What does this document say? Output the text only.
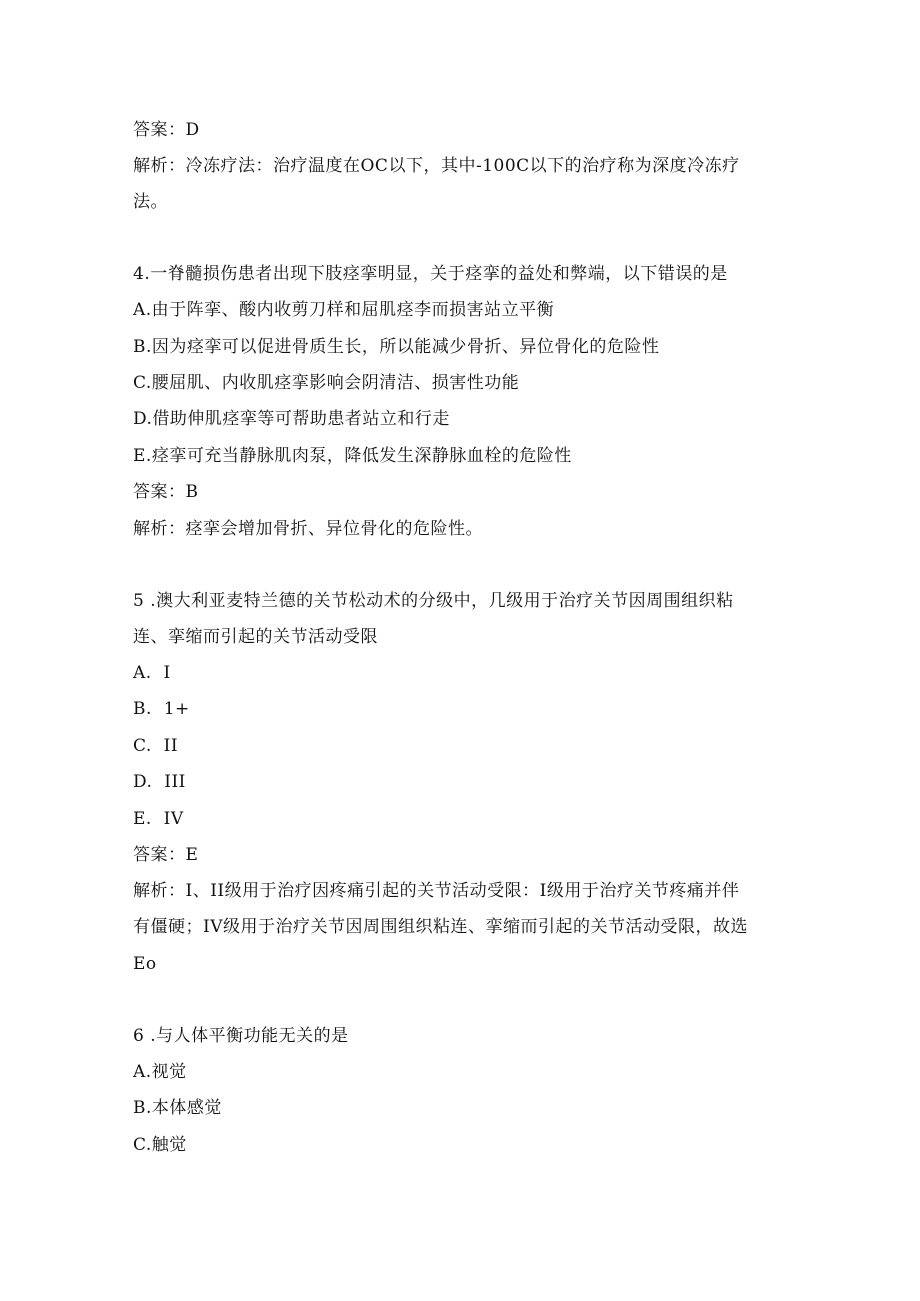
答案：D
解析：冷冻疗法：治疗温度在OC以下，其中-100C以下的治疗称为深度冷冻疗
法。
4.一脊髓损伤患者出现下肢痉挛明显，关于痉挛的益处和弊端，以下错误的是
A.由于阵挛、酸内收剪刀样和屈肌痉李而损害站立平衡
B.因为痉挛可以促进骨质生长，所以能减少骨折、异位骨化的危险性
C.腰屈肌、内收肌痉挛影响会阴清洁、损害性功能
D.借助伸肌痉挛等可帮助患者站立和行走
E.痉挛可充当静脉肌肉泵，降低发生深静脉血栓的危险性
答案：B
解析：痉挛会增加骨折、异位骨化的危险性。
5 .澳大利亚麦特兰德的关节松动术的分级中，几级用于治疗关节因周围组织粘
连、挛缩而引起的关节活动受限
A.  I
B.  1+
C.  II
D.  III
E.  IV
答案：E
解析：I、II级用于治疗因疼痛引起的关节活动受限：I级用于治疗关节疼痛并伴
有僵硬；IV级用于治疗关节因周围组织粘连、挛缩而引起的关节活动受限，故选
Eo
6 .与人体平衡功能无关的是
A.视觉
B.本体感觉
C.触觉
